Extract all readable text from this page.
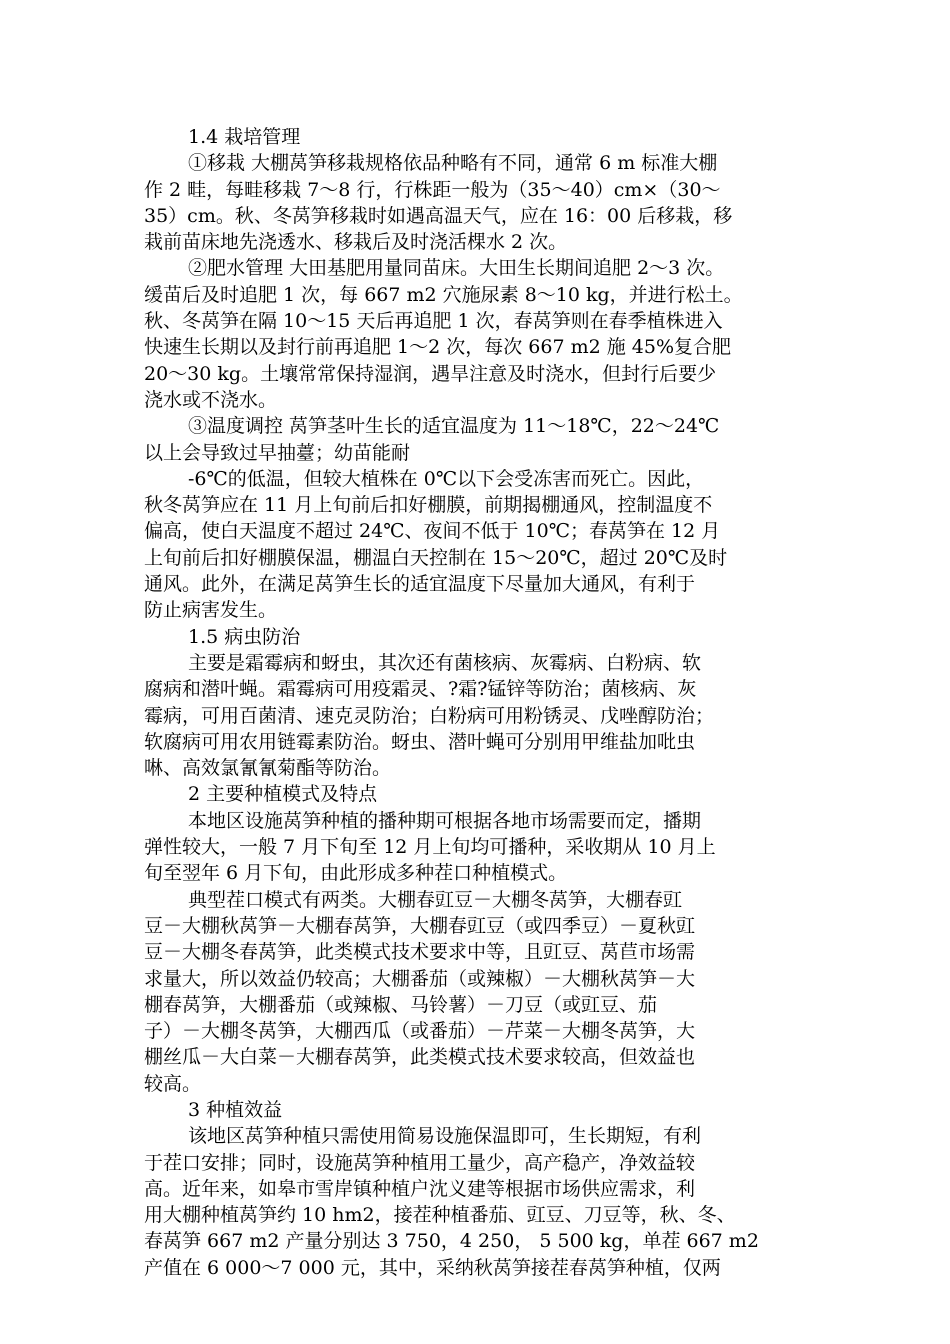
1.4 栽培管理
①移栽 大棚莴笋移栽规格依品种略有不同，通常 6 m 标准大棚
作 2 畦，每畦移栽 7～8 行，行株距一般为（35～40）cm×（30～
35）cm。秋、冬莴笋移栽时如遇高温天气，应在 16：00 后移栽，移
栽前苗床地先浇透水、移栽后及时浇活棵水 2 次。
②肥水管理 大田基肥用量同苗床。大田生长期间追肥 2～3 次。
缓苗后及时追肥 1 次，每 667 m2 穴施尿素 8～10 kg，并进行松土。
秋、冬莴笋在隔 10～15 天后再追肥 1 次，春莴笋则在春季植株进入
快速生长期以及封行前再追肥 1～2 次，每次 667 m2 施 45%复合肥
20～30 kg。土壤常常保持湿润，遇旱注意及时浇水，但封行后要少
浇水或不浇水。
③温度调控 莴笋茎叶生长的适宜温度为 11～18℃，22～24℃
以上会导致过早抽薹；幼苗能耐
-6℃的低温，但较大植株在 0℃以下会受冻害而死亡。因此，
秋冬莴笋应在 11 月上旬前后扣好棚膜，前期揭棚通风，控制温度不
偏高，使白天温度不超过 24℃、夜间不低于 10℃；春莴笋在 12 月
上旬前后扣好棚膜保温，棚温白天控制在 15～20℃，超过 20℃及时
通风。此外，在满足莴笋生长的适宜温度下尽量加大通风，有利于
防止病害发生。
1.5 病虫防治
主要是霜霉病和蚜虫，其次还有菌核病、灰霉病、白粉病、软
腐病和潜叶蝇。霜霉病可用疫霜灵、?霜?锰锌等防治；菌核病、灰
霉病，可用百菌清、速克灵防治；白粉病可用粉锈灵、戊唑醇防治；
软腐病可用农用链霉素防治。蚜虫、潜叶蝇可分别用甲维盐加吡虫
啉、高效氯氰氰菊酯等防治。
2 主要种植模式及特点
本地区设施莴笋种植的播种期可根据各地市场需要而定，播期
弹性较大，一般 7 月下旬至 12 月上旬均可播种，采收期从 10 月上
旬至翌年 6 月下旬，由此形成多种茬口种植模式。
典型茬口模式有两类。大棚春豇豆－大棚冬莴笋，大棚春豇
豆－大棚秋莴笋－大棚春莴笋，大棚春豇豆（或四季豆）－夏秋豇
豆－大棚冬春莴笋，此类模式技术要求中等，且豇豆、莴苣市场需
求量大，所以效益仍较高；大棚番茄（或辣椒）－大棚秋莴笋－大
棚春莴笋，大棚番茄（或辣椒、马铃薯）－刀豆（或豇豆、茄
子）－大棚冬莴笋，大棚西瓜（或番茄）－芹菜－大棚冬莴笋，大
棚丝瓜－大白菜－大棚春莴笋，此类模式技术要求较高，但效益也
较高。
3 种植效益
该地区莴笋种植只需使用简易设施保温即可，生长期短，有利
于茬口安排；同时，设施莴笋种植用工量少，高产稳产，净效益较
高。近年来，如皋市雪岸镇种植户沈义建等根据市场供应需求，利
用大棚种植莴笋约 10 hm2，接茬种植番茄、豇豆、刀豆等，秋、冬、
春莴笋 667 m2 产量分别达 3 750，4 250， 5 500 kg，单茬 667 m2
产值在 6 000～7 000 元，其中，采纳秋莴笋接茬春莴笋种植，仅两
